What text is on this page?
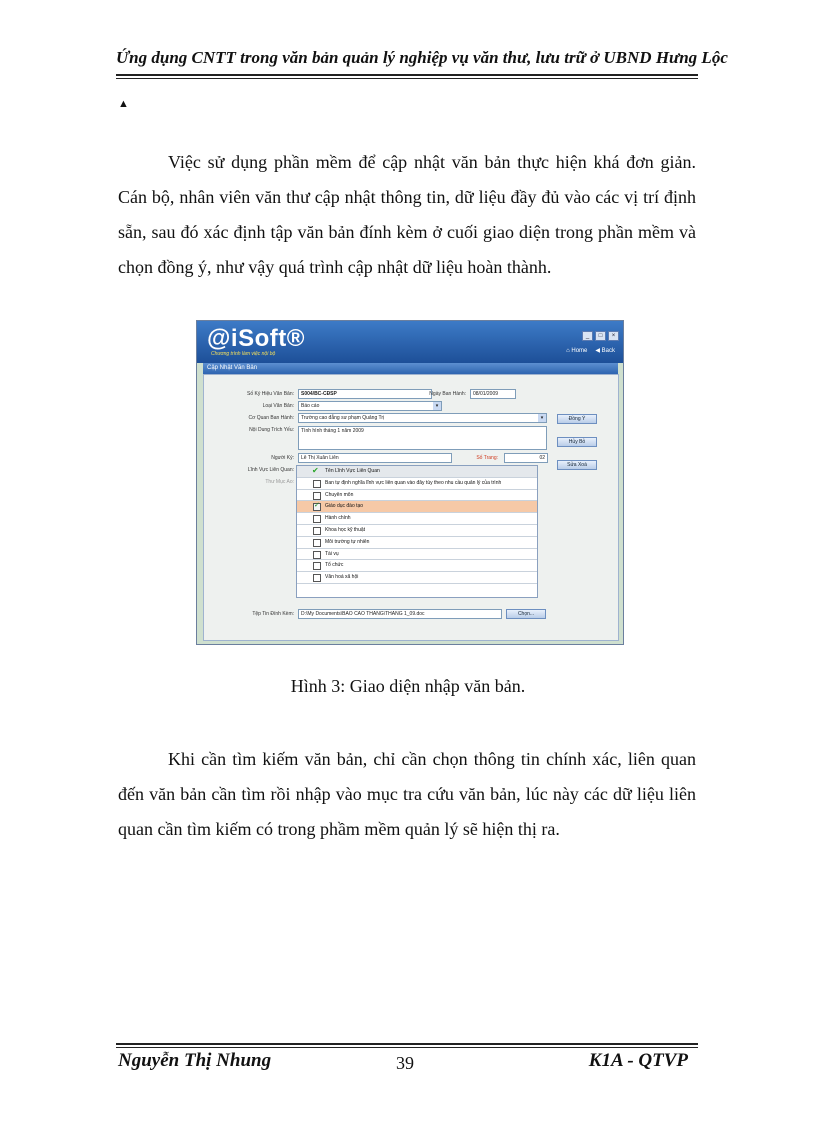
Ứng dụng CNTT trong văn bản quản lý nghiệp vụ văn thư, lưu trữ ở UBND Hưng Lộc
▲
Việc sử dụng phần mềm để cập nhật văn bản thực hiện khá đơn giản. Cán bộ, nhân viên văn thư cập nhật thông tin, dữ liệu đầy đủ vào các vị trí định sẵn, sau đó xác định tập văn bản đính kèm ở cuối giao diện trong phần mềm và chọn đồng ý, như vậy quá trình cập nhật dữ liệu hoàn thành.
@iSoft®
Chương trình làm việc nội bộ
_ □ ×
⌂ Home ◀ Back
Cập Nhật Văn Bản
Số Ký Hiệu Văn Bản:	S004/BC-CĐSP	Ngày Ban Hành:	08/01/2009
Loại Văn Bản:	Báo cáo	▾
Cơ Quan Ban Hành:	Trường cao đẳng sư phạm Quảng Trị	▾
Nội Dung Trích Yếu:	Tình hình tháng 1 năm 2009
Người Ký:	Lê Thị Xuân Liên	Số Trang:	02
Lĩnh Vực Liên Quan:
Thư Mục Ao:
Đồng Ý
Hủy Bỏ
Sửa Xoá
✔ Tên Lĩnh Vực Liên Quan
Ban tự định nghĩa lĩnh vực liên quan vào đây tùy theo nhu cầu quản lý của trình
Chuyên môn
✓
Giáo dục đào tạo
Hành chính
Khoa học kỹ thuật
Môi trường tự nhiên
Tài vụ
Tổ chức
Văn hoá xã hội
Tệp Tin Đính Kèm:	D:\My Documents\BAO CAO THANG\THANG 1_09.doc	Chọn...
Hình 3: Giao diện nhập văn bản.
Khi cần tìm kiếm văn bản, chỉ cần chọn thông tin chính xác, liên quan đến văn bản cần tìm rồi nhập vào mục tra cứu văn bản, lúc này các dữ liệu liên quan cần tìm kiếm có trong phầm mềm quản lý sẽ hiện thị ra.
Nguyễn Thị Nhung	39	K1A - QTVP
